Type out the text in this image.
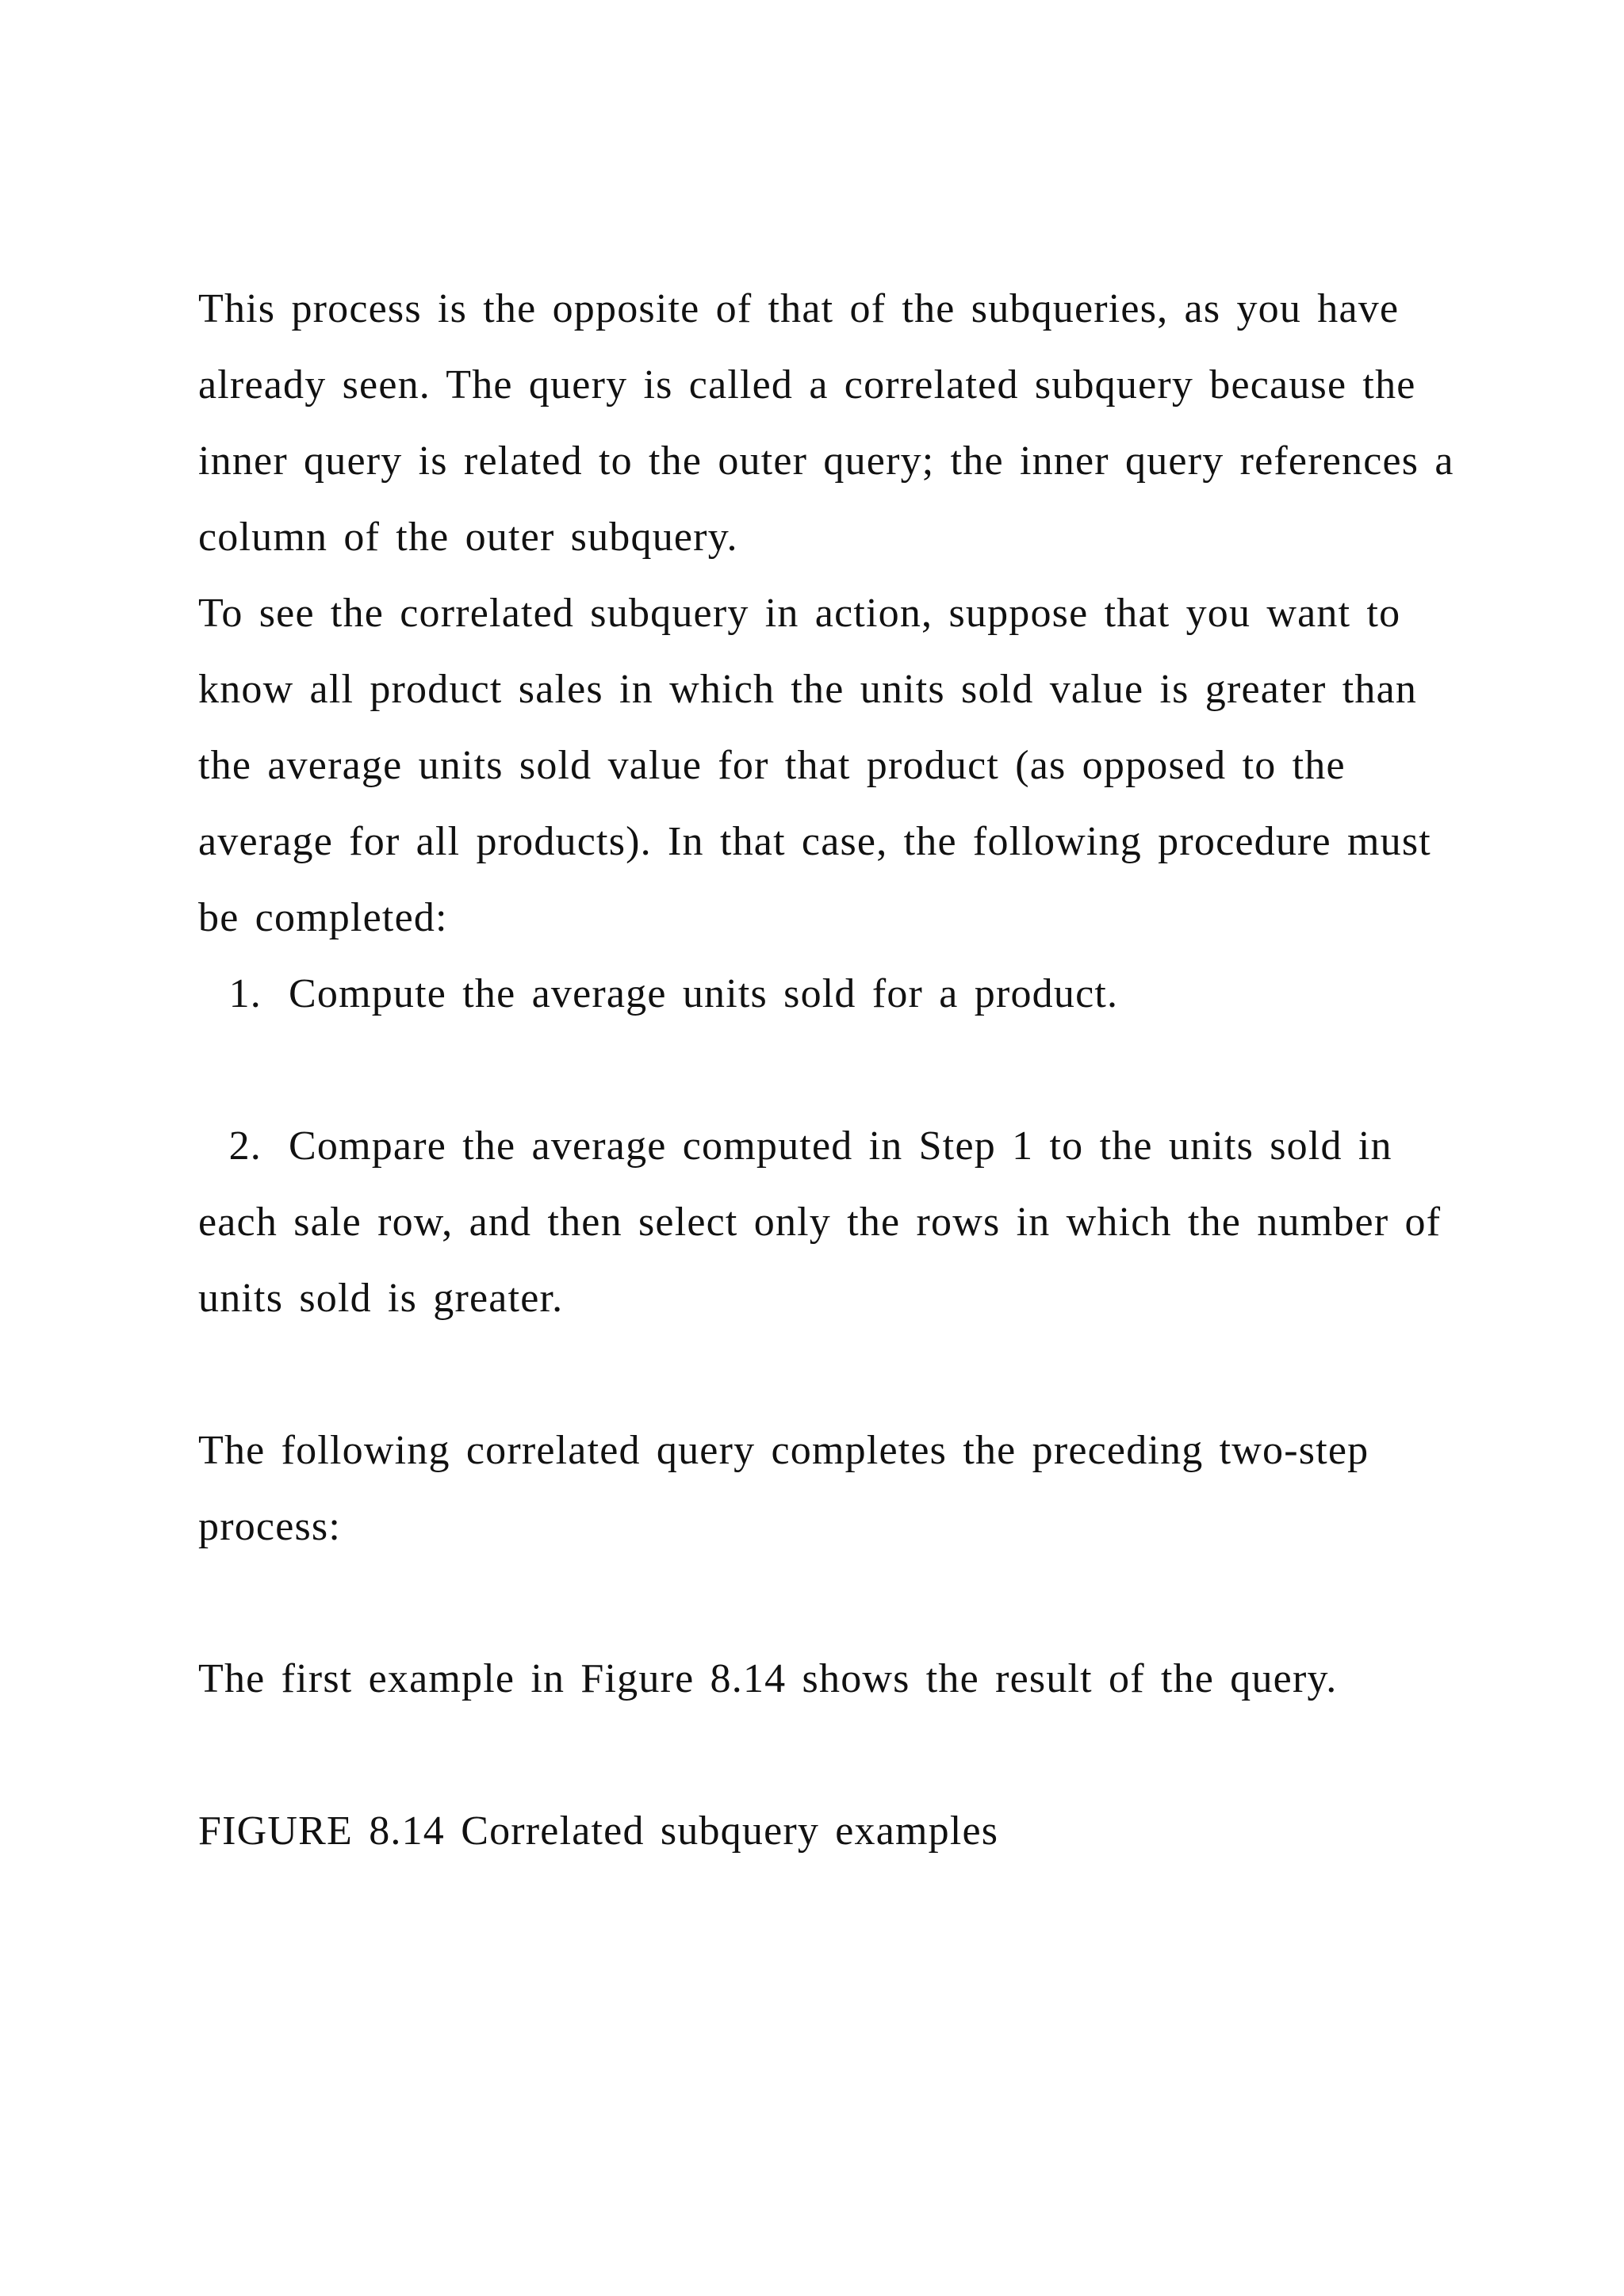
This process is the opposite of that of the subqueries, as you have already seen. The query is called a correlated subquery because the inner query is related to the outer query; the inner query references a column of the outer subquery.

To see the correlated subquery in action, suppose that you want to know all product sales in which the units sold value is greater than the average units sold value for that product (as opposed to the average for all products). In that case, the following procedure must be completed:

1. Compute the average units sold for a product.

2. Compare the average computed in Step 1 to the units sold in each sale row, and then select only the rows in which the number of units sold is greater.

The following correlated query completes the preceding two-step process:

The first example in Figure 8.14 shows the result of the query.

FIGURE 8.14 Correlated subquery examples
